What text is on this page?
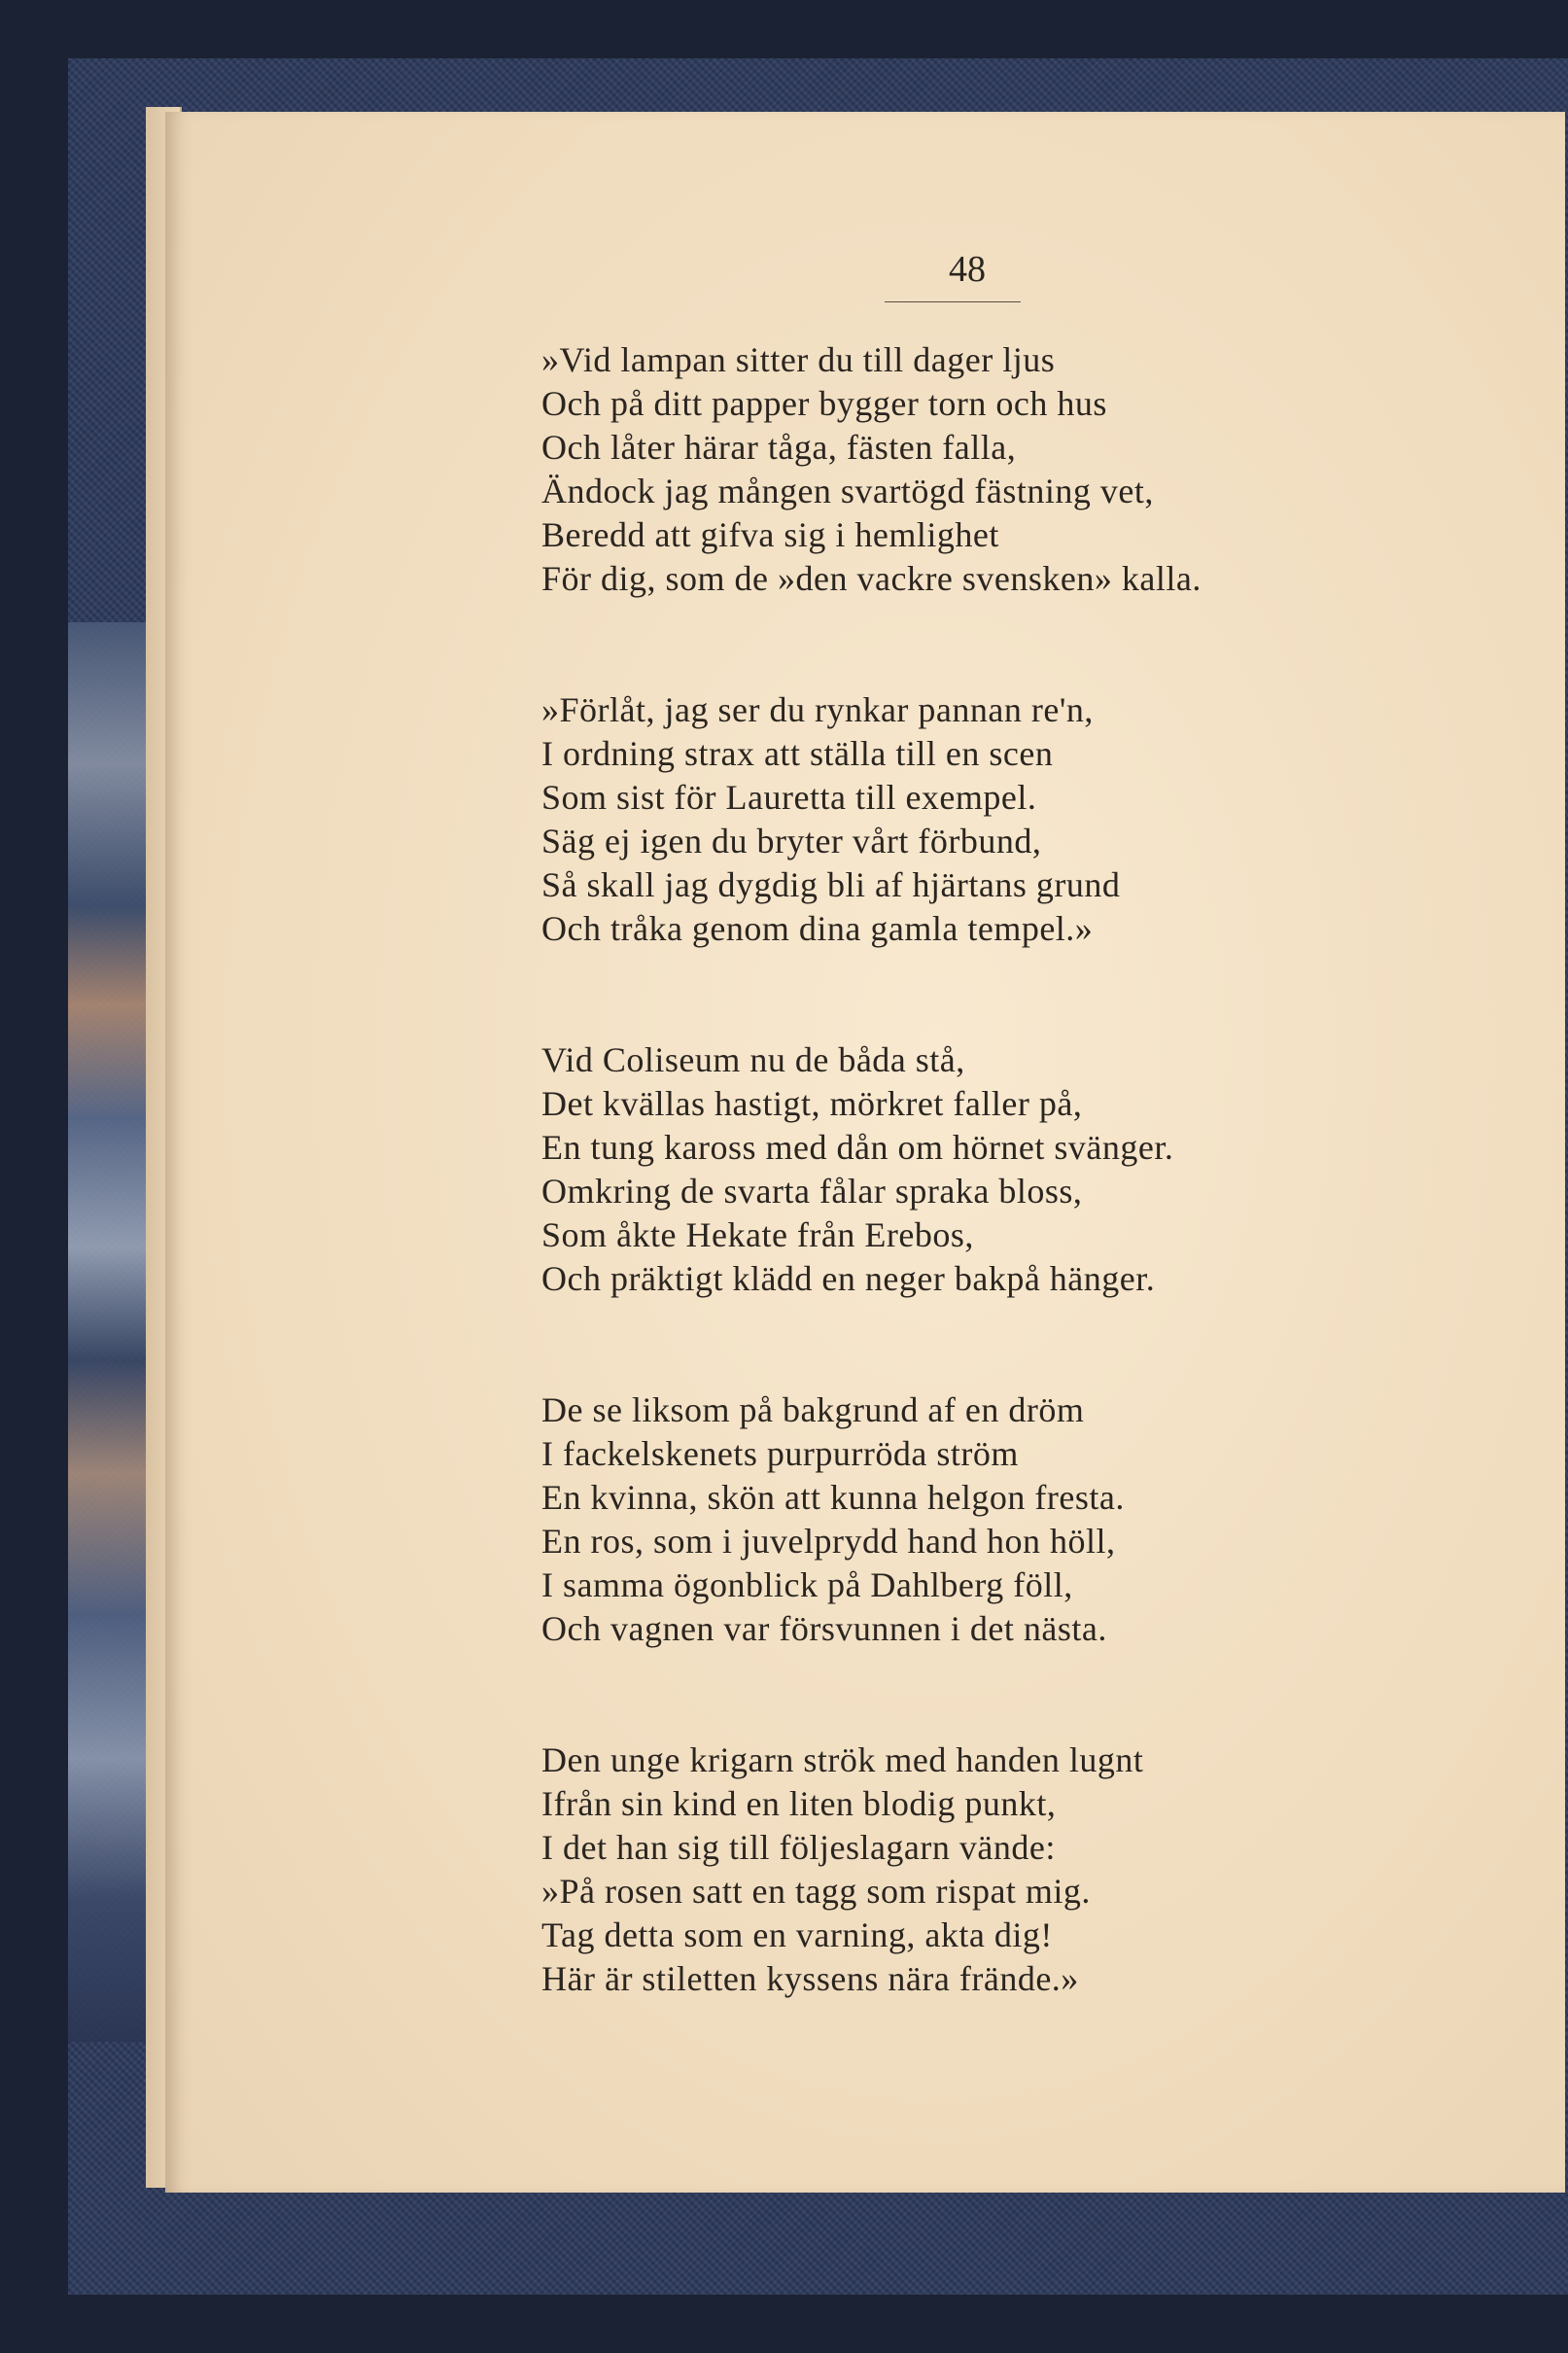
48
»Vid lampan sitter du till dager ljus
Och på ditt papper bygger torn och hus
Och låter härar tåga, fästen falla,
Ändock jag mången svartögd fästning vet,
Beredd att gifva sig i hemlighet
För dig, som de »den vackre svensken» kalla.
»Förlåt, jag ser du rynkar pannan re'n,
I ordning strax att ställa till en scen
Som sist för Lauretta till exempel.
Säg ej igen du bryter vårt förbund,
Så skall jag dygdig bli af hjärtans grund
Och tråka genom dina gamla tempel.»
Vid Coliseum nu de båda stå,
Det kvällas hastigt, mörkret faller på,
En tung kaross med dån om hörnet svänger.
Omkring de svarta fålar spraka bloss,
Som åkte Hekate från Erebos,
Och präktigt klädd en neger bakpå hänger.
De se liksom på bakgrund af en dröm
I fackelskenets purpurröda ström
En kvinna, skön att kunna helgon fresta.
En ros, som i juvelprydd hand hon höll,
I samma ögonblick på Dahlberg föll,
Och vagnen var försvunnen i det nästa.
Den unge krigarn strök med handen lugnt
Ifrån sin kind en liten blodig punkt,
I det han sig till följeslagarn vände:
»På rosen satt en tagg som rispat mig.
Tag detta som en varning, akta dig!
Här är stiletten kyssens nära frände.»
